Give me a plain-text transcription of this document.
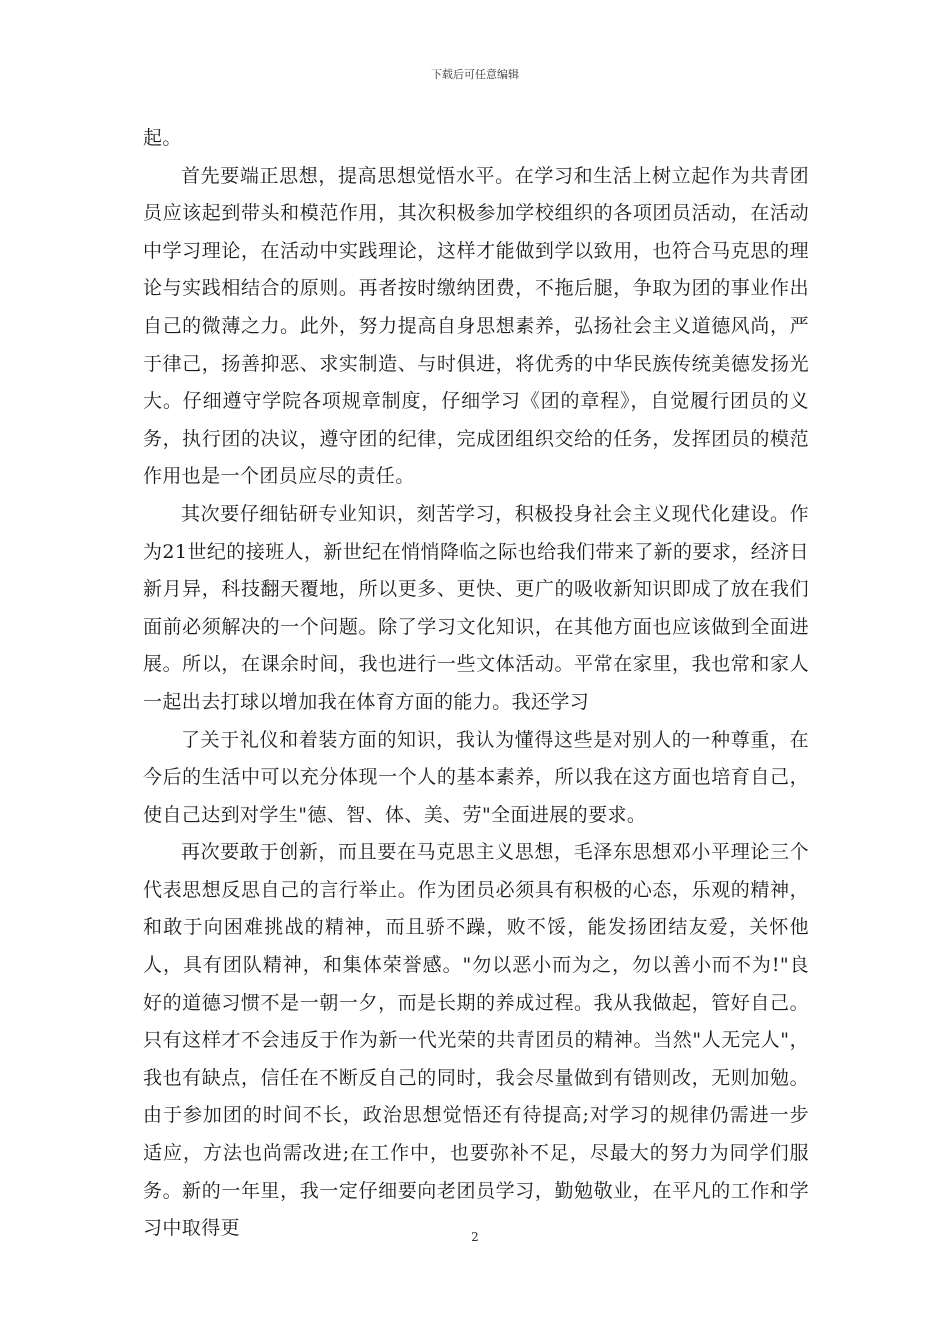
下载后可任意编辑

起。

首先要端正思想，提高思想觉悟水平。在学习和生活上树立起作为共青团员应该起到带头和模范作用，其次积极参加学校组织的各项团员活动，在活动中学习理论，在活动中实践理论，这样才能做到学以致用，也符合马克思的理论与实践相结合的原则。再者按时缴纳团费，不拖后腿，争取为团的事业作出自己的微薄之力。此外，努力提高自身思想素养，弘扬社会主义道德风尚，严于律己，扬善抑恶、求实制造、与时俱进，将优秀的中华民族传统美德发扬光大。仔细遵守学院各项规章制度，仔细学习《团的章程》，自觉履行团员的义务，执行团的决议，遵守团的纪律，完成团组织交给的任务，发挥团员的模范作用也是一个团员应尽的责任。

其次要仔细钻研专业知识，刻苦学习，积极投身社会主义现代化建设。作为21世纪的接班人，新世纪在悄悄降临之际也给我们带来了新的要求，经济日新月异，科技翻天覆地，所以更多、更快、更广的吸收新知识即成了放在我们面前必须解决的一个问题。除了学习文化知识，在其他方面也应该做到全面进展。所以，在课余时间，我也进行一些文体活动。平常在家里，我也常和家人一起出去打球以增加我在体育方面的能力。我还学习

了关于礼仪和着装方面的知识，我认为懂得这些是对别人的一种尊重，在今后的生活中可以充分体现一个人的基本素养，所以我在这方面也培育自己，使自己达到对学生"德、智、体、美、劳"全面进展的要求。

再次要敢于创新，而且要在马克思主义思想，毛泽东思想邓小平理论三个代表思想反思自己的言行举止。作为团员必须具有积极的心态，乐观的精神，和敢于向困难挑战的精神，而且骄不躁，败不馁，能发扬团结友爱，关怀他人，具有团队精神，和集体荣誉感。"勿以恶小而为之，勿以善小而不为!"良好的道德习惯不是一朝一夕，而是长期的养成过程。我从我做起，管好自己。只有这样才不会违反于作为新一代光荣的共青团员的精神。当然"人无完人"，我也有缺点，信任在不断反自己的同时，我会尽量做到有错则改，无则加勉。由于参加团的时间不长，政治思想觉悟还有待提高;对学习的规律仍需进一步适应，方法也尚需改进;在工作中，也要弥补不足，尽最大的努力为同学们服务。新的一年里，我一定仔细要向老团员学习，勤勉敬业，在平凡的工作和学习中取得更	2
